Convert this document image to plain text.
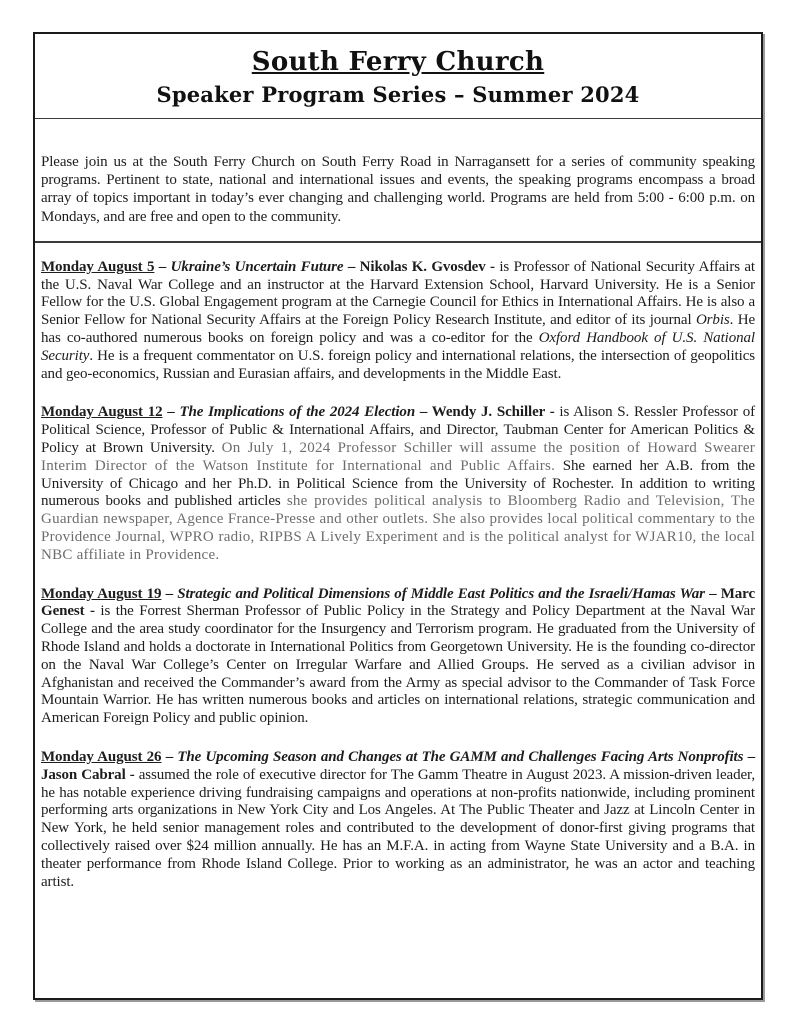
South Ferry Church
Speaker Program Series – Summer 2024

Please join us at the South Ferry Church on South Ferry Road in Narragansett for a series of community speaking programs. Pertinent to state, national and international issues and events, the speaking programs encompass a broad array of topics important in today’s ever changing and challenging world. Programs are held from 5:00 - 6:00 p.m. on Mondays, and are free and open to the community.

Monday August 5 – Ukraine’s Uncertain Future – Nikolas K. Gvosdev - is Professor of National Security Affairs at the U.S. Naval War College and an instructor at the Harvard Extension School, Harvard University. He is a Senior Fellow for the U.S. Global Engagement program at the Carnegie Council for Ethics in International Affairs. He is also a Senior Fellow for National Security Affairs at the Foreign Policy Research Institute, and editor of its journal Orbis. He has co-authored numerous books on foreign policy and was a co-editor for the Oxford Handbook of U.S. National Security. He is a frequent commentator on U.S. foreign policy and international relations, the intersection of geopolitics and geo-economics, Russian and Eurasian affairs, and developments in the Middle East.

Monday August 12 – The Implications of the 2024 Election – Wendy J. Schiller - is Alison S. Ressler Professor of Political Science, Professor of Public & International Affairs, and Director, Taubman Center for American Politics & Policy at Brown University. On July 1, 2024 Professor Schiller will assume the position of Howard Swearer Interim Director of the Watson Institute for International and Public Affairs. She earned her A.B. from the University of Chicago and her Ph.D. in Political Science from the University of Rochester. In addition to writing numerous books and published articles she provides political analysis to Bloomberg Radio and Television, The Guardian newspaper, Agence France-Presse and other outlets. She also provides local political commentary to the Providence Journal, WPRO radio, RIPBS A Lively Experiment and is the political analyst for WJAR10, the local NBC affiliate in Providence.

Monday August 19 – Strategic and Political Dimensions of Middle East Politics and the Israeli/Hamas War – Marc Genest - is the Forrest Sherman Professor of Public Policy in the Strategy and Policy Department at the Naval War College and the area study coordinator for the Insurgency and Terrorism program. He graduated from the University of Rhode Island and holds a doctorate in International Politics from Georgetown University. He is the founding co-director on the Naval War College’s Center on Irregular Warfare and Allied Groups. He served as a civilian advisor in Afghanistan and received the Commander’s award from the Army as special advisor to the Commander of Task Force Mountain Warrior. He has written numerous books and articles on international relations, strategic communication and American Foreign Policy and public opinion.

Monday August 26 – The Upcoming Season and Changes at The GAMM and Challenges Facing Arts Nonprofits – Jason Cabral - assumed the role of executive director for The Gamm Theatre in August 2023. A mission-driven leader, he has notable experience driving fundraising campaigns and operations at non-profits nationwide, including prominent performing arts organizations in New York City and Los Angeles. At The Public Theater and Jazz at Lincoln Center in New York, he held senior management roles and contributed to the development of donor-first giving programs that collectively raised over $24 million annually. He has an M.F.A. in acting from Wayne State University and a B.A. in theater performance from Rhode Island College. Prior to working as an administrator, he was an actor and teaching artist.
